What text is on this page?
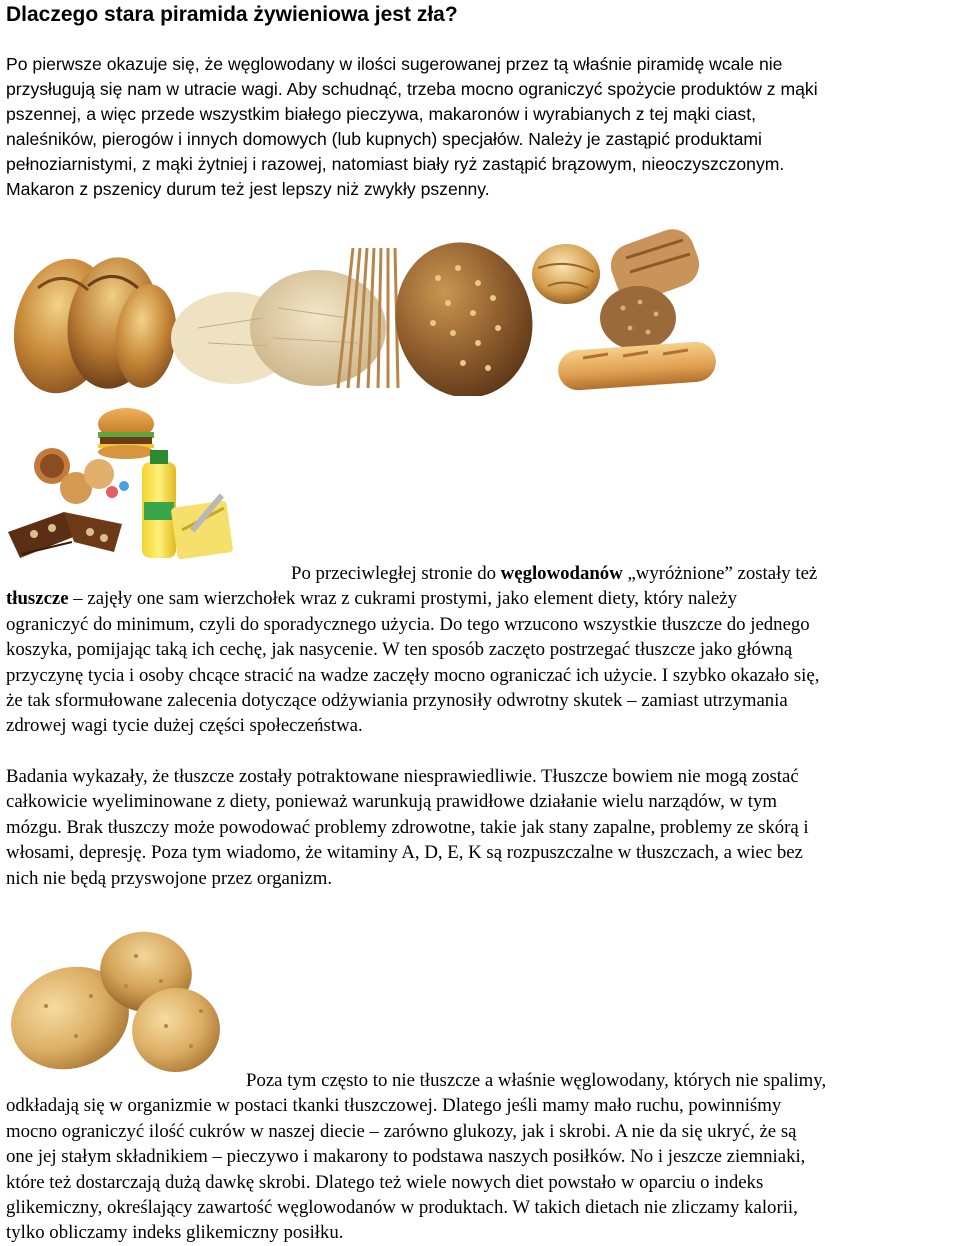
Dlaczego stara piramida żywieniowa jest zła?
Po pierwsze okazuje się, że węglowodany w ilości sugerowanej przez tą właśnie piramidę wcale nie
przysługują się nam w utracie wagi. Aby schudnąć, trzeba mocno ograniczyć spożycie produktów z mąki
pszennej, a więc przede wszystkim białego pieczywa, makaronów i wyrabianych z tej mąki ciast,
naleśników, pierogów i innych domowych (lub kupnych) specjałów. Należy je zastąpić produktami
pełnoziarnistymi, z mąki żytniej i razowej, natomiast biały ryż zastąpić brązowym, nieoczyszczonym.
Makaron z pszenicy durum też jest lepszy niż zwykły pszenny.
Po przeciwległej stronie do węglowodanów „wyróżnione” zostały też
tłuszcze – zajęły one sam wierzchołek wraz z cukrami prostymi, jako element diety, który należy
ograniczyć do minimum, czyli do sporadycznego użycia. Do tego wrzucono wszystkie tłuszcze do jednego
koszyka, pomijając taką ich cechę, jak nasycenie. W ten sposób zaczęto postrzegać tłuszcze jako główną
przyczynę tycia i osoby chcące stracić na wadze zaczęły mocno ograniczać ich użycie. I szybko okazało się,
że tak sformułowane zalecenia dotyczące odżywiania przynosiły odwrotny skutek – zamiast utrzymania
zdrowej wagi tycie dużej części społeczeństwa.
Badania wykazały, że tłuszcze zostały potraktowane niesprawiedliwie. Tłuszcze bowiem nie mogą zostać
całkowicie wyeliminowane z diety, ponieważ warunkują prawidłowe działanie wielu narządów, w tym
mózgu. Brak tłuszczy może powodować problemy zdrowotne, takie jak stany zapalne, problemy ze skórą i
włosami, depresję. Poza tym wiadomo, że witaminy A, D, E, K są rozpuszczalne w tłuszczach, a wiec bez
nich nie będą przyswojone przez organizm.
Poza tym często to nie tłuszcze a właśnie węglowodany, których nie spalimy,
odkładają się w organizmie w postaci tkanki tłuszczowej. Dlatego jeśli mamy mało ruchu, powinniśmy
mocno ograniczyć ilość cukrów w naszej diecie – zarówno glukozy, jak i skrobi. A nie da się ukryć, że są
one jej stałym składnikiem – pieczywo i makarony to podstawa naszych posiłków. No i jeszcze ziemniaki,
które też dostarczają dużą dawkę skrobi. Dlatego też wiele nowych diet powstało w oparciu o indeks
glikemiczny, określający zawartość węglowodanów w produktach. W takich dietach nie zliczamy kalorii,
tylko obliczamy indeks glikemiczny posiłku.
